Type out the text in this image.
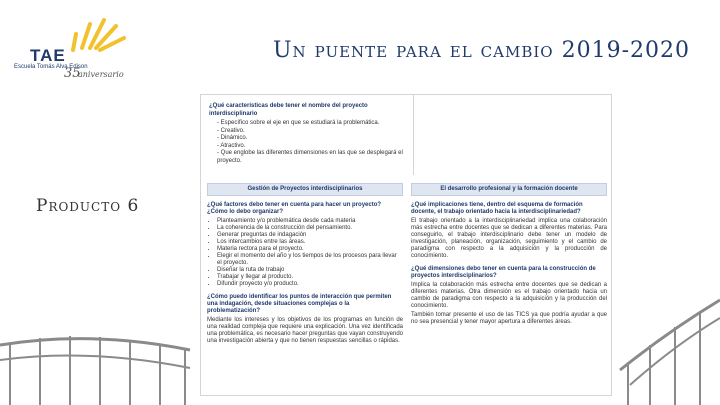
TAE
Escuela Tomás Alva Edison
35
aniversario
Un puente para el cambio 2019-2020
Producto 6
¿Qué características debe tener el nombre del proyecto interdisciplinario
- Específico sobre el eje en que se estudiará la problemática.
- Creativo.
- Dinámico.
- Atractivo.
- Que englobe las diferentes dimensiones en las que se desplegará el proyecto.
Gestión de Proyectos interdisciplinarios
¿Qué factores debo tener en cuenta para hacer un proyecto? ¿Cómo lo debo organizar?
• Planteamiento y/o problemática desde cada materia
• La coherencia de la construcción del pensamiento.
• Generar preguntas de indagación
• Los intercambios entre las áreas.
• Materia rectora para el proyecto.
• Elegir el momento del año y los tiempos de los procesos para llevar el proyecto.
• Diseñar la ruta de trabajo
• Trabajar y llegar al producto.
• Difundir proyecto y/o producto.
¿Cómo puedo identificar los puntos de interacción que permiten una indagación, desde situaciones complejas o la problematización?

Mediante los intereses y los objetivos de los programas en función de una realidad compleja que requiere una explicación. Una vez identificada una problemática, es necesario hacer preguntas que vayan construyendo una investigación abierta y que no tienen respuestas sencillas o rápidas.

El desarrollo profesional y la formación docente
¿Qué implicaciones tiene, dentro del esquema de formación docente, el trabajo orientado hacia la interdisciplinariedad?

El trabajo orientado a la interdisciplinariedad implica una colaboración más estrecha entre docentes que se dedican a diferentes materias. Para conseguirlo, el trabajo interdisciplinario debe tener un modelo de investigación, planeación, organización, seguimiento y el cambio de paradigma con respecto a la adquisición y la producción de conocimiento.

¿Qué dimensiones debo tener en cuenta para la construcción de proyectos interdisciplinarios?

Implica la colaboración más estrecha entre docentes que se dedican a diferentes materias. Otra dimensión es el trabajo orientado hacia un cambio de paradigma con respecto a la adquisición y la producción del conocimiento.

También tomar presente el uso de las TICS ya que podría ayudar a que no sea presencial y tener mayor apertura a diferentes áreas.
